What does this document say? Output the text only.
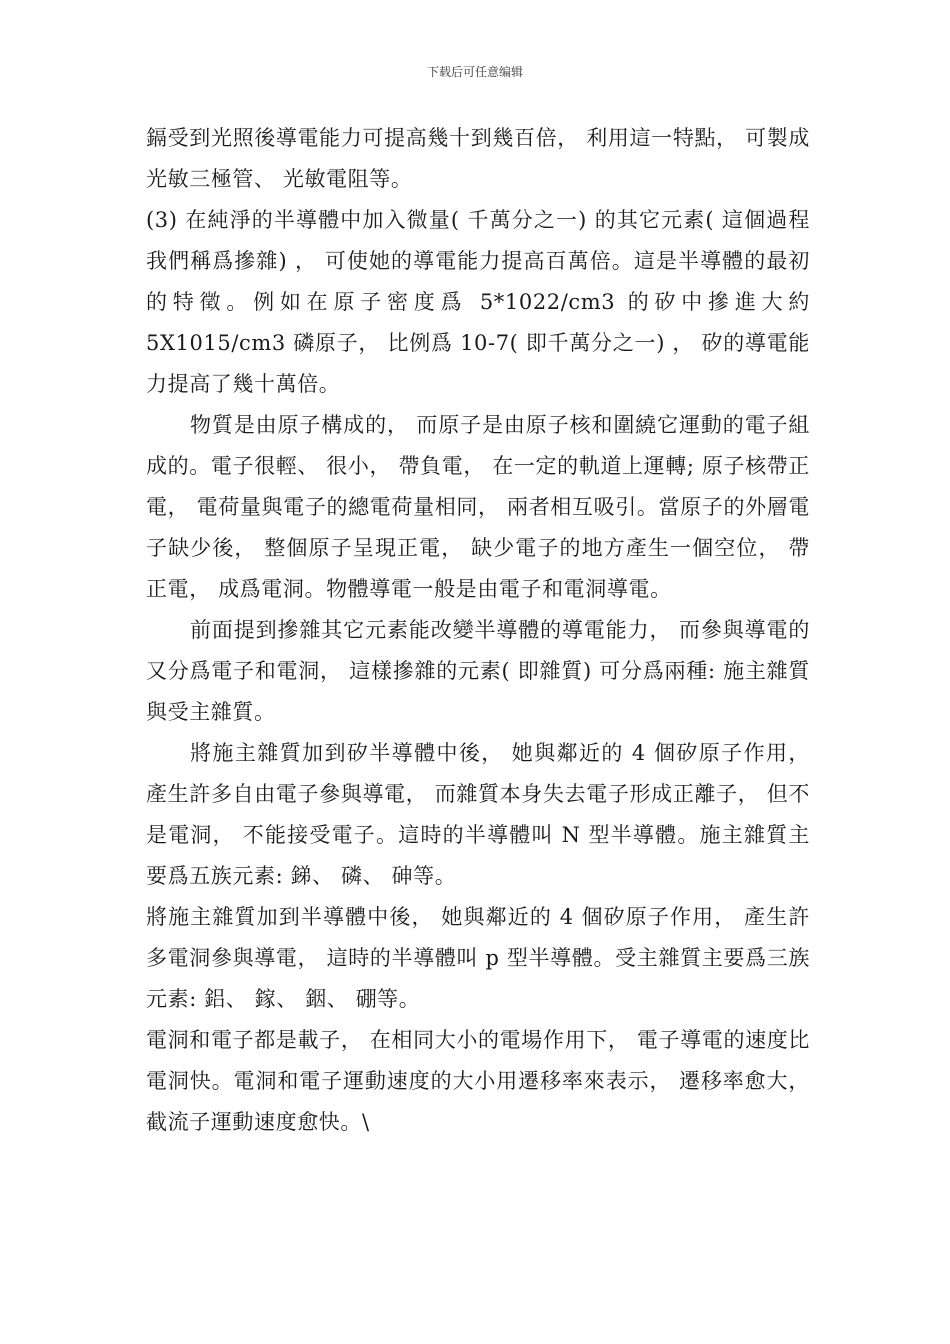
下载后可任意编辑

鎘受到光照後導電能力可提高幾十到幾百倍， 利用這一特點， 可製成光敏三極管、 光敏電阻等。

(3) 在純淨的半導體中加入微量( 千萬分之一) 的其它元素( 這個過程我們稱爲摻雜) ， 可使她的導電能力提高百萬倍。這是半導體的最初的特徵。例如在原子密度爲 5*1022/cm3 的矽中摻進大約 5X1015/cm3 磷原子， 比例爲 10-7( 即千萬分之一) ， 矽的導電能力提高了幾十萬倍。

物質是由原子構成的， 而原子是由原子核和圍繞它運動的電子組成的。電子很輕、 很小， 帶負電， 在一定的軌道上運轉; 原子核帶正電， 電荷量與電子的總電荷量相同， 兩者相互吸引。當原子的外層電子缺少後， 整個原子呈現正電， 缺少電子的地方產生一個空位， 帶正電， 成爲電洞。物體導電一般是由電子和電洞導電。

前面提到摻雜其它元素能改變半導體的導電能力， 而參與導電的又分爲電子和電洞， 這樣摻雜的元素( 即雜質) 可分爲兩種: 施主雜質與受主雜質。

將施主雜質加到矽半導體中後， 她與鄰近的 4 個矽原子作用， 產生許多自由電子參與導電， 而雜質本身失去電子形成正離子， 但不是電洞， 不能接受電子。這時的半導體叫 N 型半導體。施主雜質主要爲五族元素: 銻、 磷、 砷等。

將施主雜質加到半導體中後， 她與鄰近的 4 個矽原子作用， 產生許多電洞參與導電， 這時的半導體叫 p 型半導體。受主雜質主要爲三族元素: 鋁、 鎵、 銦、 硼等。

電洞和電子都是載子， 在相同大小的電場作用下， 電子導電的速度比電洞快。電洞和電子運動速度的大小用遷移率來表示， 遷移率愈大， 截流子運動速度愈快。\
